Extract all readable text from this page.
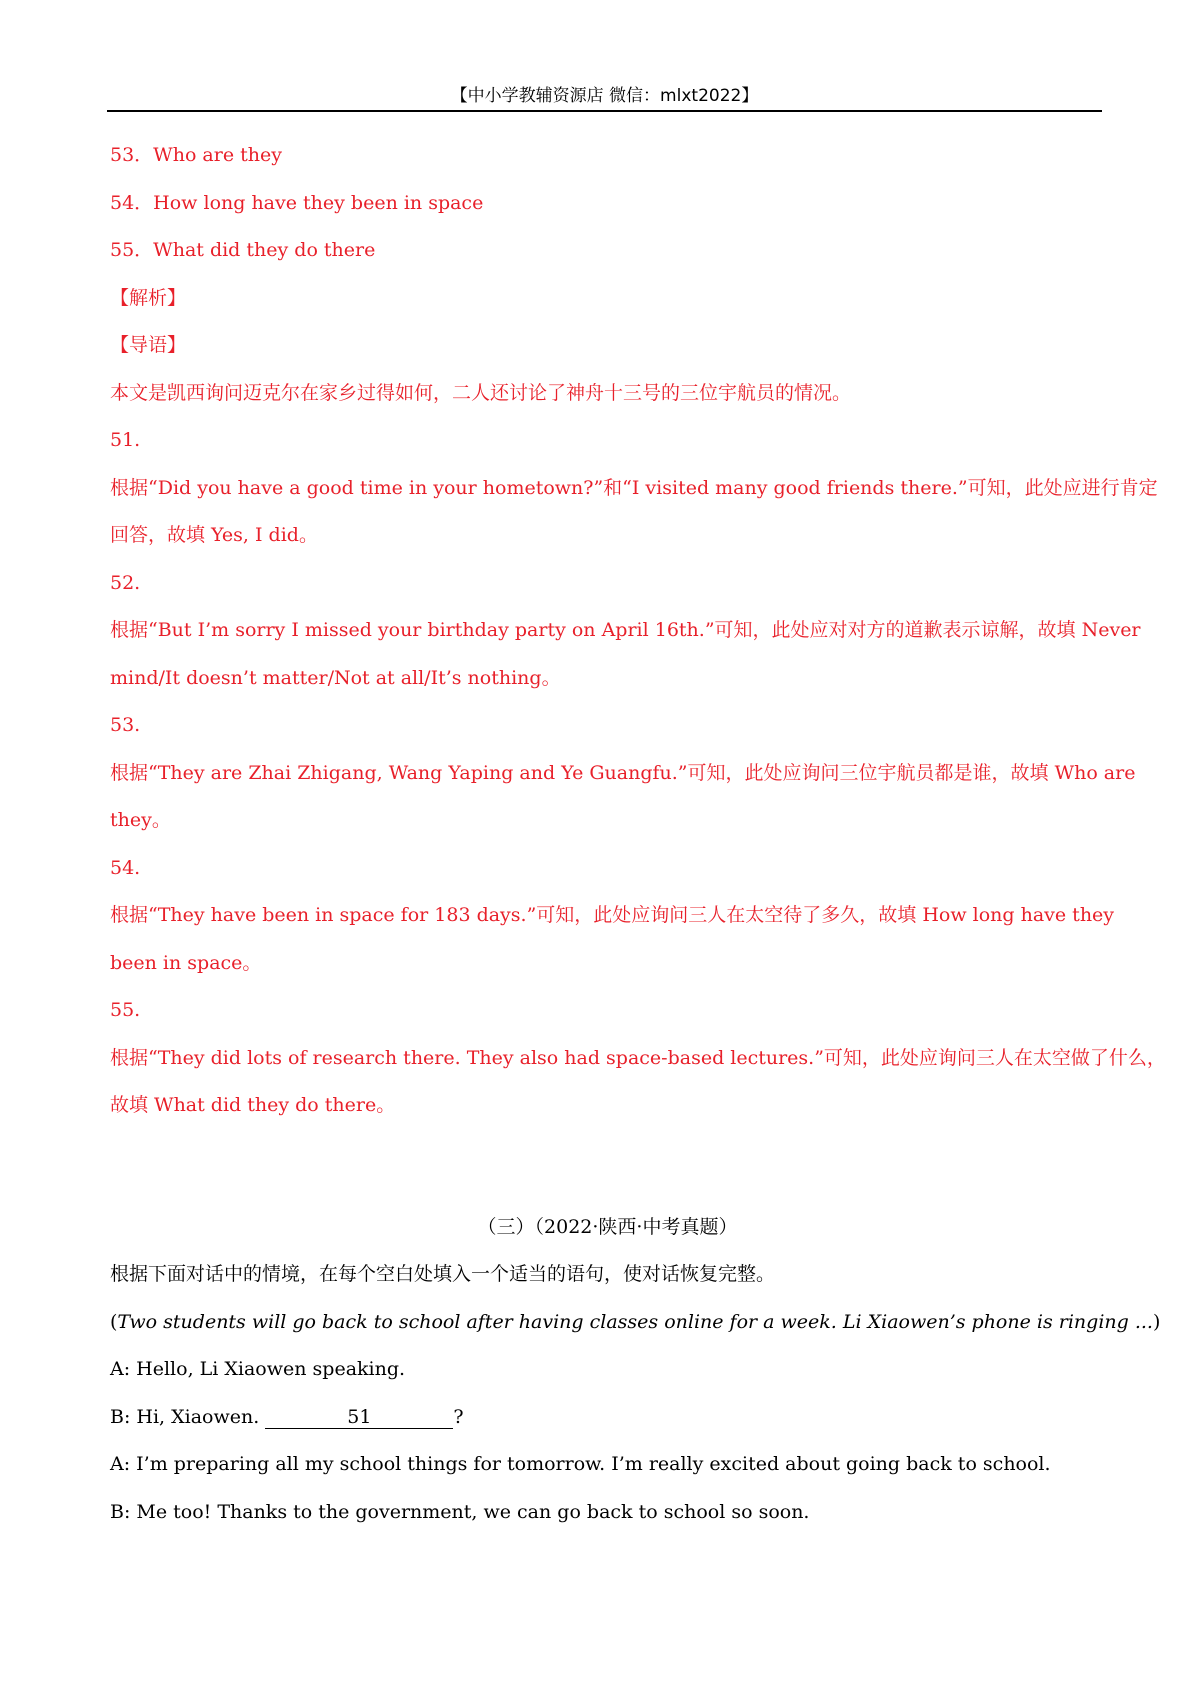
【中小学教辅资源店 微信：mlxt2022】
53．Who are they
54．How long have they been in space
55．What did they do there
【解析】
【导语】
本文是凯西询问迈克尔在家乡过得如何，二人还讨论了神舟十三号的三位宇航员的情况。
51.
根据“Did you have a good time in your hometown?”和“I visited many good friends there.”可知，此处应进行肯定
回答，故填 Yes, I did。
52.
根据“But I’m sorry I missed your birthday party on April 16th.”可知，此处应对对方的道歉表示谅解，故填 Never
mind/It doesn’t matter/Not at all/It’s nothing。
53.
根据“They are Zhai Zhigang, Wang Yaping and Ye Guangfu.”可知，此处应询问三位宇航员都是谁，故填 Who are
they。
54.
根据“They have been in space for 183 days.”可知，此处应询问三人在太空待了多久，故填 How long have they
been in space。
55.
根据“They did lots of research there. They also had space-based lectures.”可知，此处应询问三人在太空做了什么，
故填 What did they do there。
（三）（2022·陕西·中考真题）
根据下面对话中的情境，在每个空白处填入一个适当的语句，使对话恢复完整。
(Two students will go back to school after having classes online for a week. Li Xiaowen’s phone is ringing ...)
A: Hello, Li Xiaowen speaking.
B: Hi, Xiaowen.	51	?
A: I’m preparing all my school things for tomorrow. I’m really excited about going back to school.
B: Me too! Thanks to the government, we can go back to school so soon.
